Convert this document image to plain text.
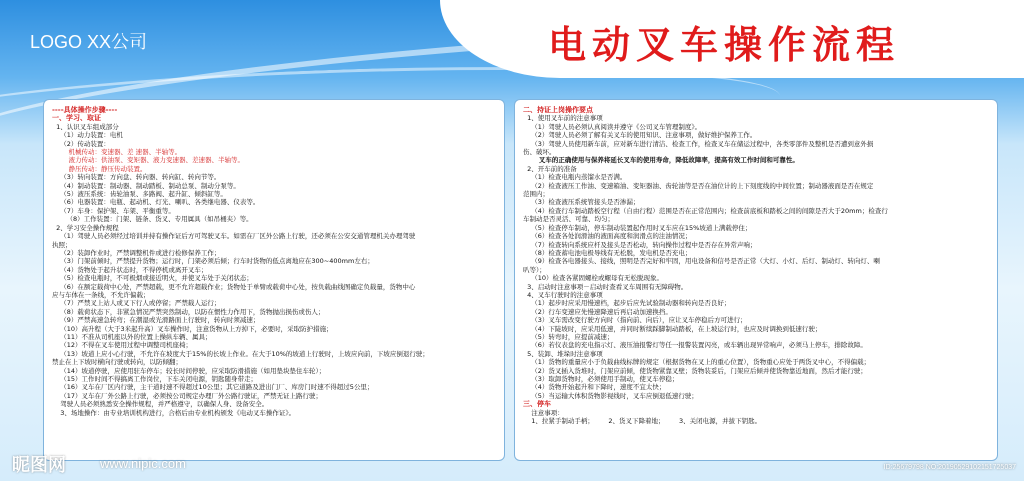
LOGO XX公司	电动叉车操作流程
----具体操作步骤----
一、学习、取证
1、认识叉车组成部分
（1）动力装置：电机
（2）传动装置：
机械传动：变速器、差 速器、半轴等。
液力传动：供油泵、变矩器、液力变速器、差速器、半轴等。
静压传动：静压传动装置。
（3）转向装置：方向盘、转向器、转向缸、转向节等。
（4）制动装置：制动器、制动踏板、制动总泵、制动分泵等。
（5）液压系统：齿轮油泵、多路阀、起升缸、倾斜缸等。
（6）电器装置：电瓶、起动机、灯光、喇叭、各类继电器、仪表等。
（7）车身：保护架、车架、平衡重等。
（8）工作装置：门架、链条、货叉、专用属具（如吊桶夹）等。
2、学习安全操作规程
（1）驾驶人员必须经过培训并持有操作证后方可驾驶叉车。如需在厂区外公路上行驶，还必须在公安交通管理机关办理驾驶
执照；
（2）装卸作业时，严禁调整机件或进行检修保养工作；
（3）门架前倾时，严禁提升货物；运行时，门架必须后倾；行车时货物的低点离地应在300~400mm左右；
（4）货物处于起升状态时，不得停机或离开叉车；
（5）检查电瓶时，不可极烟或接近明火，并使叉车处于关闭状态；
（6）在额定载荷中心处，严禁超载，更不允许超载作业；货物处于单臂或载荷中心处，按负载曲线图确定负载量，货物中心
应与车体在一条线，不允许偏载；
（7）严禁叉上站人或叉下行人或停留；严禁载人运行；
（8）载荷状态下，非紧急情况严禁突然制动，以防在惯性力作用下，货物抛出损伤或伤人；
（9）严禁高速急转弯；在潮湿或光滑路面上行驶时，转向时须减速；
（10）高升程（大于3米起升高）叉车操作时，注意货物从上方掉下，必要时，采取防护措施；
（11）不准从司机座以外的位置上操纵车辆、属具；
（12）不得在叉车使用过程中调整司机座椅；
（13）坡道上应小心行驶，不允许在坡度大于15%的长坡上作业。在大于10%的坡道上行驶时，上坡应向前，下坡应倒退行驶；
禁止在上下坡时横向行驶或转向，以防倾翻；
（14）坡道停驶，应使用驻车停车；较长时间停驶，应采取防滑措施（如用垫块垫住车轮）；
（15）工作时间不得搞离工作岗位，下车关闭电源，钥匙随身带走；
（16）叉车在厂区内行驶，主干道时速不得超过10公里；其它道路及进出门厂、库房门时速不得超过5公里；
（17）叉车在厂外公路上行驶，必须按公司规定办理厂外公路行驶证，严禁无证上路行驶；
驾驶人员必须熟悉安全操作规程，并严格遵守，以确保人身、设备安全。
3、场地操作：由专业培训机构进行，合格后由专业机构颁发《电动叉车操作证》。
二、持证上岗操作要点
1、使用叉车前的注意事项
（1）驾驶人员必须认真阅读并遵守《公司叉车管理制度》。
（2）驾驶人员必须了解有关叉车的使用知识、注意事项，做好维护保养工作。
（3）驾驶人员使用新车前，应对新车进行清洁、检查工作，检查叉车在储运过程中，各类零部件及整机是否遭到意外损
伤、破坏。
叉车的正确使用与保养将延长叉车的使用寿命，降低故障率，提高有效工作时间和可靠性。
2、开车前的准备
（1）检查电瓶内蒸馏水是否满。
（2）检查液压工作油、变速箱油、变矩器油、齿轮油等是否在油位计的上下刻度线的中间位置；制动器液面是否在规定
范围内；
（3）检查液压系统管接头是否渗漏；
（4）检查行车制动踏板空行程（自由行程）范围是否在正常范围内；检查前底板和踏板之间的间隙是否大于20mm；检查行
车制动是否灵活、可靠、均匀；
（5）检查停车制动，停车制动装置起作用时叉车应在15%坡道上满载停住；
（6）检查各处润滑油的液面高度和润滑点的注油情况；
（7）检查转向系统应杆及接头是否松动，转向操作过程中是否存在异常声响；
（8）检查蓄电池电极导线有无松脱，发电机是否充电；
（9）检查各电器接头、接线，照明是否完好和牢固，用电设备和信号是否正常（大灯、小灯、后灯、制动灯、转向灯、喇
叭等）；
（10）检查各紧固螺栓或螺母有无松脱现象。
3、启动时注意事项－启动时查看叉车周围有无障碍物。
4、叉车行驶时的注意事项
（1）起步时应采用慢速档，起步后应先试验制动器和转向是否良好；
（2）行车变速应先慢速降速后再启动加速换挡。
（3）叉车需改变行驶方向时（指向前、向后），应让叉车停稳后方可进行；
（4）下陡坡时，应采用低速，并同时断续踩脚制动踏板，在上坡运行时，也应及时调换到低速行驶；
（5）转弯时，应提前减速；
（6）若仪表盘的充电指示灯、液压油报警灯等任一报警装置闪亮，或车辆出现异常响声，必须马上停车，排除故障。
5、装卸、堆垛时注意事项
（1）货物的重量应小于负载曲线标牌的规定（根据货物在叉上的重心位置），货物重心应处于两货叉中心，不得偏载；
（2）货叉插入货堆时，门架应前倾，使货物紧靠叉壁；货物装妥后，门架应后倾并使货物靠近地面，然后才能行驶；
（3）取卸货物时，必须使用手制动，使叉车停稳；
（4）货物开始起升和下降时，速度不宜太快；
（5）当运输大体积货物影视线时，叉车应倒退低速行驶；
三、停车
注意事项：
1、拉紧手制动手柄；       2、货叉下降着地；       3、关闭电源，并拔下钥匙。
昵图网	www.nipic.com	ID:25679798 NO:20190529102151725037
